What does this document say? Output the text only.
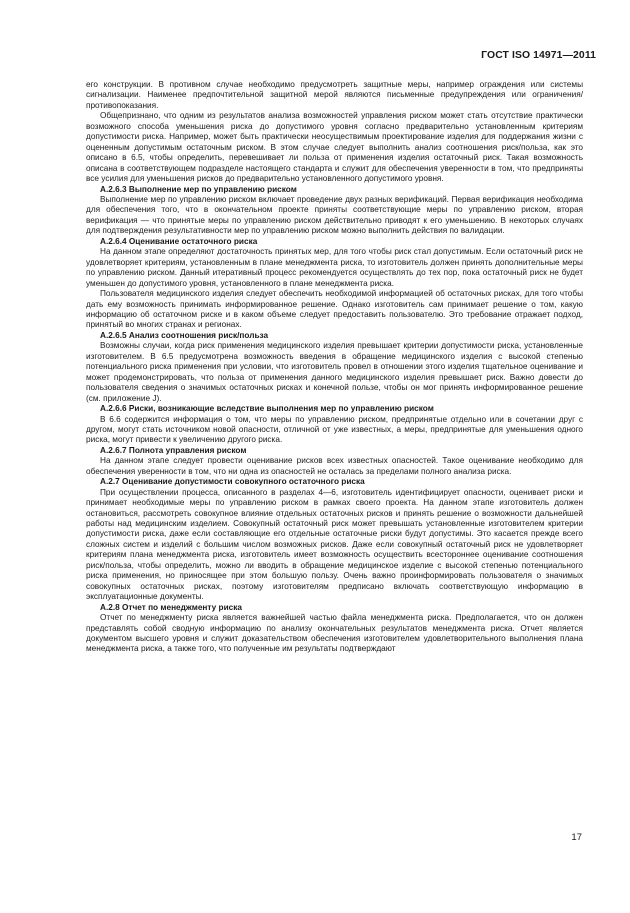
ГОСТ ISO 14971—2011

его конструкции. В противном случае необходимо предусмотреть защитные меры, например ограждения или системы сигнализации. Наименее предпочтительной защитной мерой являются письменные предупреждения или ограничения/противопоказания.

Общепризнано, что одним из результатов анализа возможностей управления риском может стать отсутствие практически возможного способа уменьшения риска до допустимого уровня согласно предварительно установленным критериям допустимости риска. Например, может быть практически неосуществимым проектирование изделия для поддержания жизни с оцененным допустимым остаточным риском. В этом случае следует выполнить анализ соотношения риск/польза, как это описано в 6.5, чтобы определить, перевешивает ли польза от применения изделия остаточный риск. Такая возможность описана в соответствующем подразделе настоящего стандарта и служит для обеспечения уверенности в том, что предприняты все усилия для уменьшения рисков до предварительно установленного допустимого уровня.

A.2.6.3 Выполнение мер по управлению риском

Выполнение мер по управлению риском включает проведение двух разных верификаций. Первая верификация необходима для обеспечения того, что в окончательном проекте приняты соответствующие меры по управлению риском, вторая верификация — что принятые меры по управлению риском действительно приводят к его уменьшению. В некоторых случаях для подтверждения результативности мер по управлению риском можно выполнить действия по валидации.

A.2.6.4 Оценивание остаточного риска

На данном этапе определяют достаточность принятых мер, для того чтобы риск стал допустимым. Если остаточный риск не удовлетворяет критериям, установленным в плане менеджмента риска, то изготовитель должен принять дополнительные меры по управлению риском. Данный итеративный процесс рекомендуется осуществлять до тех пор, пока остаточный риск не будет уменьшен до допустимого уровня, установленного в плане менеджмента риска.

Пользователя медицинского изделия следует обеспечить необходимой информацией об остаточных рисках, для того чтобы дать ему возможность принимать информированное решение. Однако изготовитель сам принимает решение о том, какую информацию об остаточном риске и в каком объеме следует предоставить пользователю. Это требование отражает подход, принятый во многих странах и регионах.

A.2.6.5 Анализ соотношения риск/польза

Возможны случаи, когда риск применения медицинского изделия превышает критерии допустимости риска, установленные изготовителем. В 6.5 предусмотрена возможность введения в обращение медицинского изделия с высокой степенью потенциального риска применения при условии, что изготовитель провел в отношении этого изделия тщательное оценивание и может продемонстрировать, что польза от применения данного медицинского изделия превышает риск. Важно довести до пользователя сведения о значимых остаточных рисках и конечной пользе, чтобы он мог принять информированное решение (см. приложение J).

A.2.6.6 Риски, возникающие вследствие выполнения мер по управлению риском

В 6.6 содержится информация о том, что меры по управлению риском, предпринятые отдельно или в сочетании друг с другом, могут стать источником новой опасности, отличной от уже известных, а меры, предпринятые для уменьшения одного риска, могут привести к увеличению другого риска.

A.2.6.7 Полнота управления риском

На данном этапе следует провести оценивание рисков всех известных опасностей. Такое оценивание необходимо для обеспечения уверенности в том, что ни одна из опасностей не осталась за пределами полного анализа риска.

A.2.7 Оценивание допустимости совокупного остаточного риска

При осуществлении процесса, описанного в разделах 4—6, изготовитель идентифицирует опасности, оценивает риски и принимает необходимые меры по управлению риском в рамках своего проекта. На данном этапе изготовитель должен остановиться, рассмотреть совокупное влияние отдельных остаточных рисков и принять решение о возможности дальнейшей работы над медицинским изделием. Совокупный остаточный риск может превышать установленные изготовителем критерии допустимости риска, даже если составляющие его отдельные остаточные риски будут допустимы. Это касается прежде всего сложных систем и изделий с большим числом возможных рисков. Даже если совокупный остаточный риск не удовлетворяет критериям плана менеджмента риска, изготовитель имеет возможность осуществить всестороннее оценивание соотношения риск/польза, чтобы определить, можно ли вводить в обращение медицинское изделие с высокой степенью потенциального риска применения, но приносящее при этом большую пользу. Очень важно проинформировать пользователя о значимых совокупных остаточных рисках, поэтому изготовителям предписано включать соответствующую информацию в эксплуатационные документы.

A.2.8 Отчет по менеджменту риска

Отчет по менеджменту риска является важнейшей частью файла менеджмента риска. Предполагается, что он должен представлять собой сводную информацию по анализу окончательных результатов менеджмента риска. Отчет является документом высшего уровня и служит доказательством обеспечения изготовителем удовлетворительного выполнения плана менеджмента риска, а также того, что полученные им результаты подтверждают

17
